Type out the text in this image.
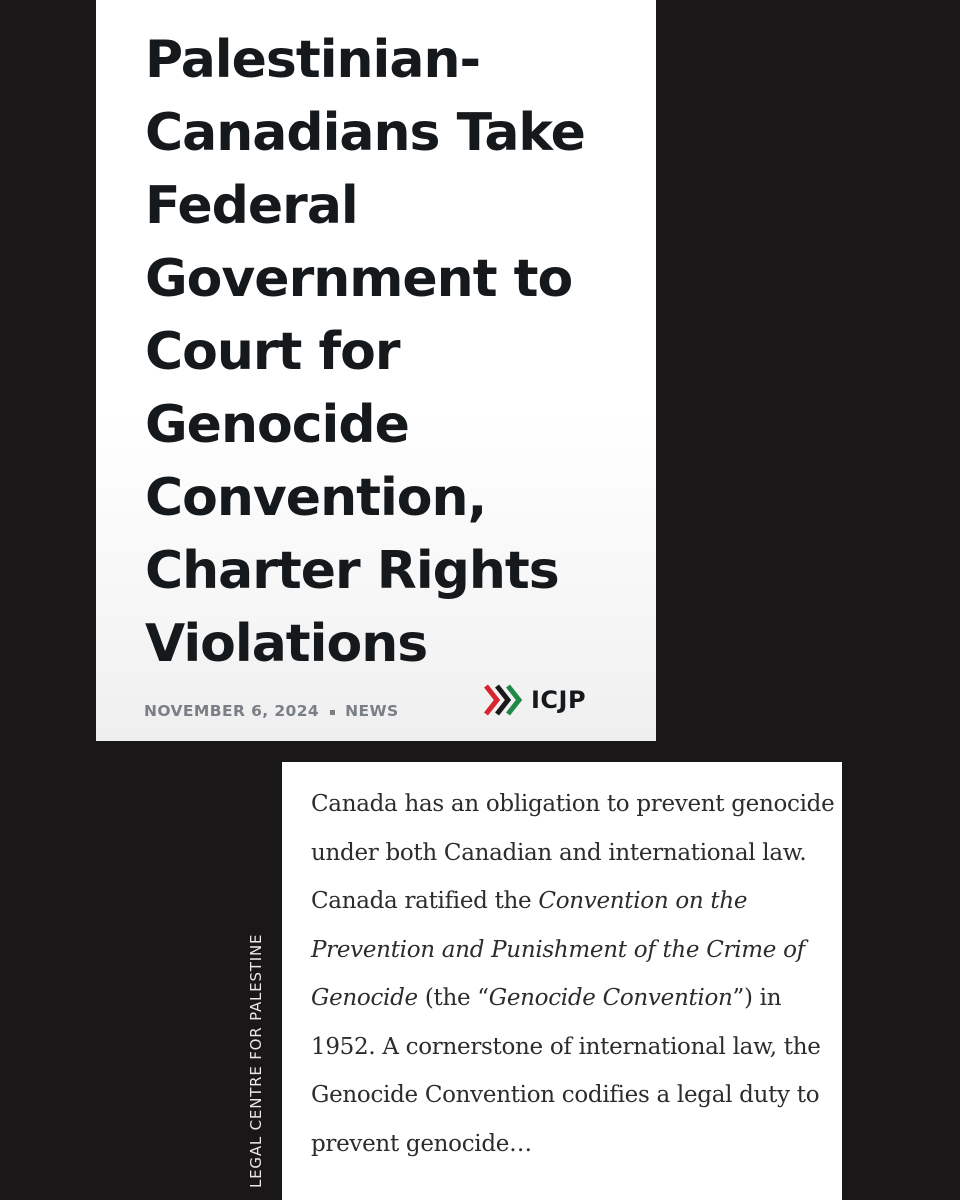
Palestinian-Canadians Take Federal Government to Court for Genocide Convention, Charter Rights Violations
NOVEMBER 6, 2024 NEWS	ICJP
LEGAL CENTRE FOR PALESTINE

Canada has an obligation to prevent genocide under both Canadian and international law. Canada ratified the Convention on the Prevention and Punishment of the Crime of Genocide (the “Genocide Convention”) in 1952. A cornerstone of international law, the Genocide Convention codifies a legal duty to prevent genocide…
